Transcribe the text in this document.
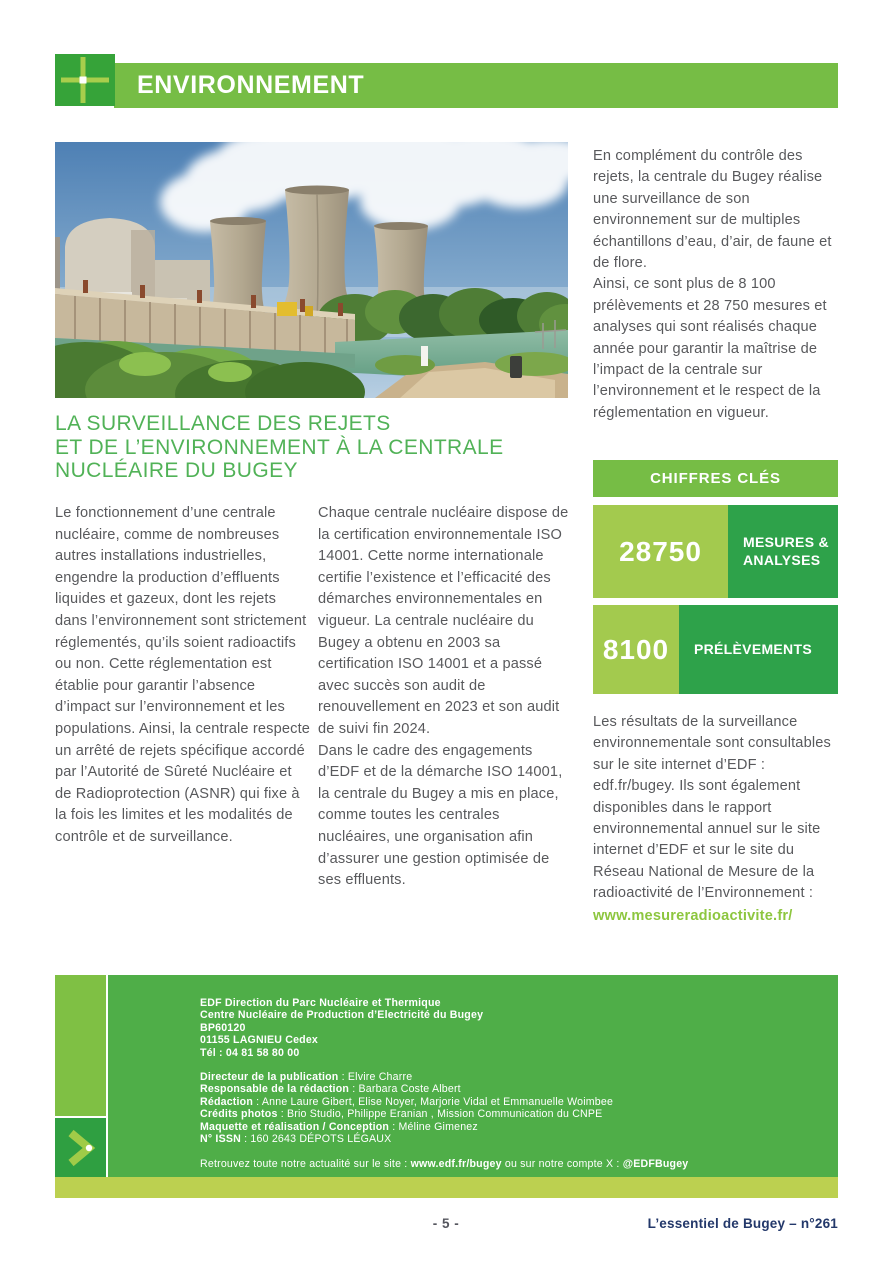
ENVIRONNEMENT
LA SURVEILLANCE DES REJETS
ET DE L’ENVIRONNEMENT À LA CENTRALE
NUCLÉAIRE DU BUGEY

Le fonctionnement d’une centrale nucléaire, comme de nombreuses autres installations industrielles, engendre la production d’effluents liquides et gazeux, dont les rejets dans l’environnement sont strictement réglementés, qu’ils soient radioactifs ou non. Cette réglementation est établie pour garantir l’absence d’impact sur l’environnement et les populations. Ainsi, la centrale respecte un arrêté de rejets spécifique accordé par l’Autorité de Sûreté Nucléaire et de Radioprotection (ASNR) qui fixe à la fois les limites et les modalités de contrôle et de surveillance.

Chaque centrale nucléaire dispose de la certification environnementale ISO 14001. Cette norme internationale certifie l’existence et l’efficacité des démarches environnementales en vigueur. La centrale nucléaire du Bugey a obtenu en 2003 sa certification ISO 14001 et a passé avec succès son audit de renouvellement en 2023 et son audit de suivi fin 2024.

Dans le cadre des engagements d’EDF et de la démarche ISO 14001, la centrale du Bugey a mis en place, comme toutes les centrales nucléaires, une organisation afin d’assurer une gestion optimisée de ses effluents.

En complément du contrôle des rejets, la centrale du Bugey réalise une surveillance de son environnement sur de multiples échantillons d’eau, d’air, de faune et de flore.

Ainsi, ce sont plus de 8 100 prélèvements et 28 750 mesures et analyses qui sont réalisés chaque année pour garantir la maîtrise de l’impact de la centrale sur l’environnement et le respect de la réglementation en vigueur.

CHIFFRES CLÉS
28750	MESURES & ANALYSES
8100	PRÉLÈVEMENTS

Les résultats de la surveillance environnementale sont consultables sur le site internet d’EDF : edf.fr/bugey. Ils sont également disponibles dans le rapport environnemental annuel sur le site internet d’EDF et sur le site du Réseau National de Mesure de la radioactivité de l’Environnement :

www.mesureradioactivite.fr/
EDF Direction du Parc Nucléaire et Thermique
Centre Nucléaire de Production d’Electricité du Bugey
BP60120
01155 LAGNIEU Cedex
Tél : 04 81 58 80 00
Directeur de la publication : Elvire Charre
Responsable de la rédaction : Barbara Coste Albert
Rédaction : Anne Laure Gibert, Elise Noyer, Marjorie Vidal et Emmanuelle Woimbee
Crédits photos : Brio Studio, Philippe Eranian , Mission Communication du CNPE
Maquette et réalisation / Conception : Méline Gimenez
N° ISSN : 160 2643 DÉPOTS LÉGAUX
Retrouvez toute notre actualité sur le site : www.edf.fr/bugey ou sur notre compte X : @EDFBugey
- 5 -	L’essentiel de Bugey – n°261
